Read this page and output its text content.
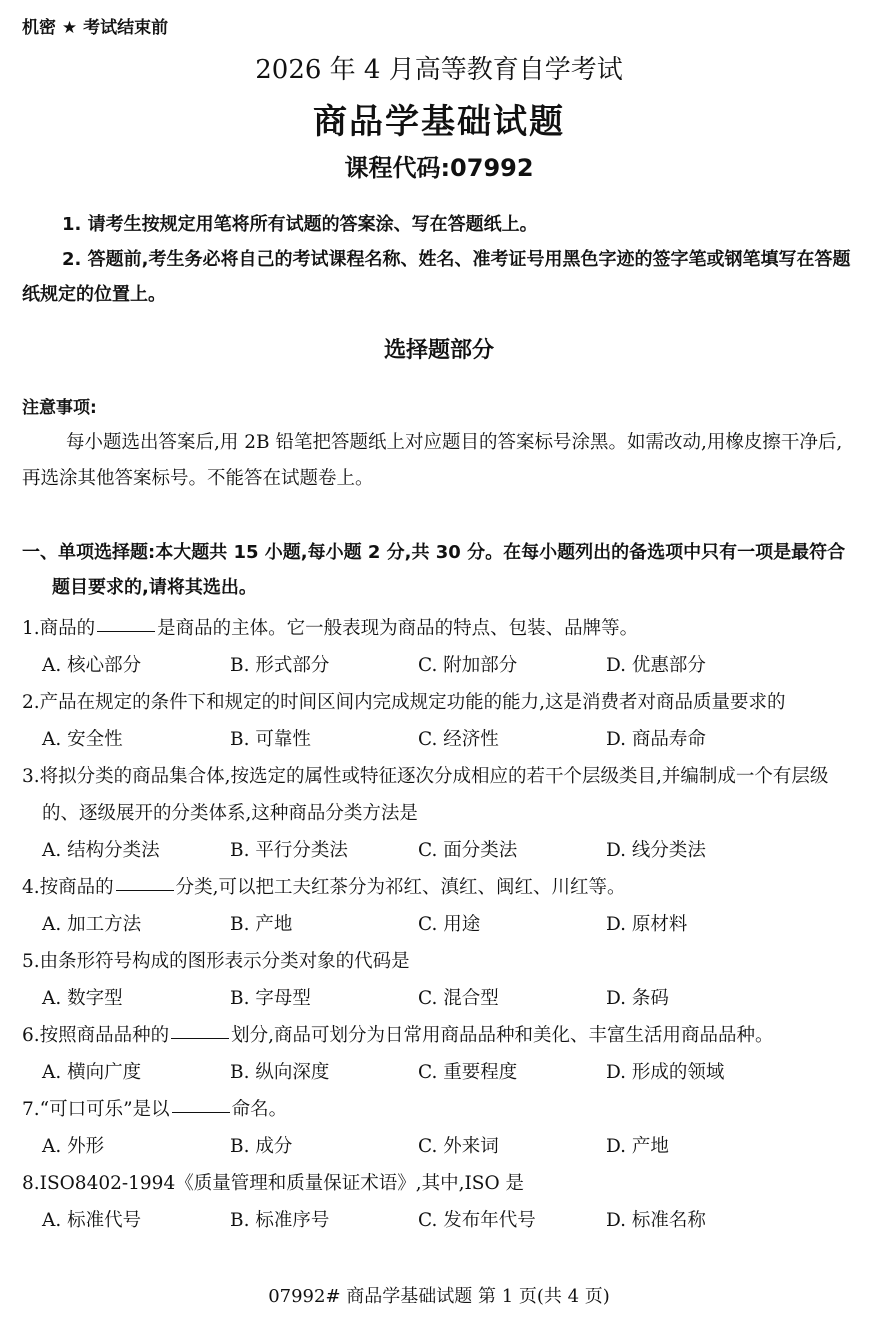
机密 ★ 考试结束前
2026 年 4 月高等教育自学考试
商品学基础试题
课程代码:07992

1. 请考生按规定用笔将所有试题的答案涂、写在答题纸上。

2. 答题前,考生务必将自己的考试课程名称、姓名、准考证号用黑色字迹的签字笔或钢笔填写在答题纸规定的位置上。

选择题部分
注意事项:
每小题选出答案后,用 2B 铅笔把答题纸上对应题目的答案标号涂黑。如需改动,用橡皮擦干净后,再选涂其他答案标号。不能答在试题卷上。
一、单项选择题:本大题共 15 小题,每小题 2 分,共 30 分。在每小题列出的备选项中只有一项是最符合题目要求的,请将其选出。
1.商品的	是商品的主体。它一般表现为商品的特点、包装、品牌等。
A. 核心部分	B. 形式部分	C. 附加部分	D. 优惠部分
2.产品在规定的条件下和规定的时间区间内完成规定功能的能力,这是消费者对商品质量要求的
A. 安全性	B. 可靠性	C. 经济性	D. 商品寿命
3.将拟分类的商品集合体,按选定的属性或特征逐次分成相应的若干个层级类目,并编制成一个有层级的、逐级展开的分类体系,这种商品分类方法是
A. 结构分类法	B. 平行分类法	C. 面分类法	D. 线分类法
4.按商品的	分类,可以把工夫红茶分为祁红、滇红、闽红、川红等。
A. 加工方法	B. 产地	C. 用途	D. 原材料
5.由条形符号构成的图形表示分类对象的代码是
A. 数字型	B. 字母型	C. 混合型	D. 条码
6.按照商品品种的	划分,商品可划分为日常用商品品种和美化、丰富生活用商品品种。
A. 横向广度	B. 纵向深度	C. 重要程度	D. 形成的领域
7.“可口可乐”是以	命名。
A. 外形	B. 成分	C. 外来词	D. 产地
8.ISO8402-1994《质量管理和质量保证术语》,其中,ISO 是
A. 标准代号	B. 标准序号	C. 发布年代号	D. 标准名称
07992# 商品学基础试题 第 1 页(共 4 页)
